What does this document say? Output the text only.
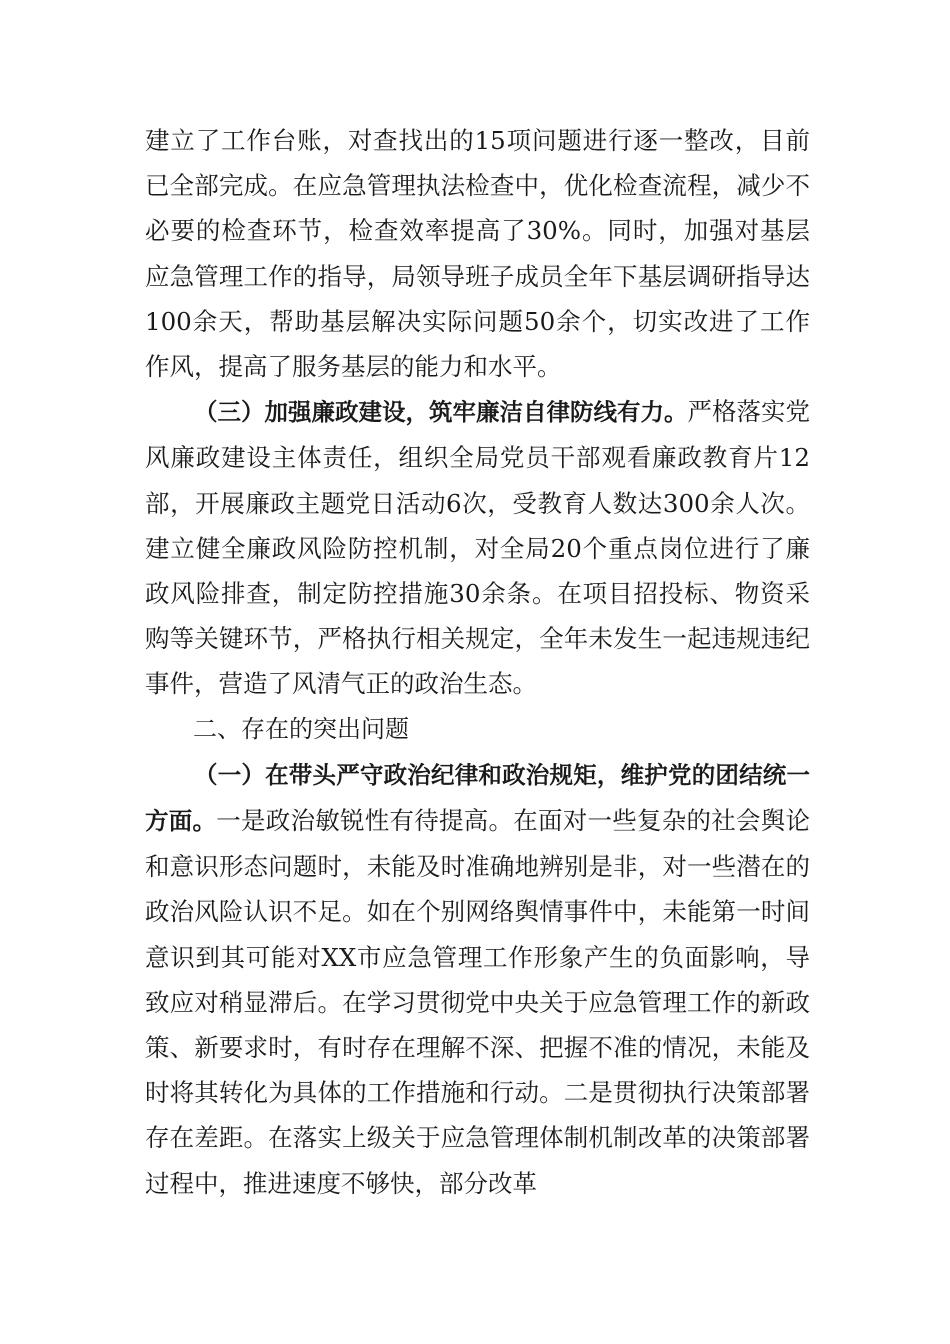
建立了工作台账，对查找出的15项问题进行逐一整改，目前已全部完成。在应急管理执法检查中，优化检查流程，减少不必要的检查环节，检查效率提高了30%。同时，加强对基层应急管理工作的指导，局领导班子成员全年下基层调研指导达100余天，帮助基层解决实际问题50余个，切实改进了工作作风，提高了服务基层的能力和水平。

（三）加强廉政建设，筑牢廉洁自律防线有力。严格落实党风廉政建设主体责任，组织全局党员干部观看廉政教育片12部，开展廉政主题党日活动6次，受教育人数达300余人次。建立健全廉政风险防控机制，对全局20个重点岗位进行了廉政风险排查，制定防控措施30余条。在项目招投标、物资采购等关键环节，严格执行相关规定，全年未发生一起违规违纪事件，营造了风清气正的政治生态。

二、存在的突出问题

（一）在带头严守政治纪律和政治规矩，维护党的团结统一方面。一是政治敏锐性有待提高。在面对一些复杂的社会舆论和意识形态问题时，未能及时准确地辨别是非，对一些潜在的政治风险认识不足。如在个别网络舆情事件中，未能第一时间意识到其可能对XX市应急管理工作形象产生的负面影响，导致应对稍显滞后。在学习贯彻党中央关于应急管理工作的新政策、新要求时，有时存在理解不深、把握不准的情况，未能及时将其转化为具体的工作措施和行动。二是贯彻执行决策部署存在差距。在落实上级关于应急管理体制机制改革的决策部署过程中，推进速度不够快，部分改革
